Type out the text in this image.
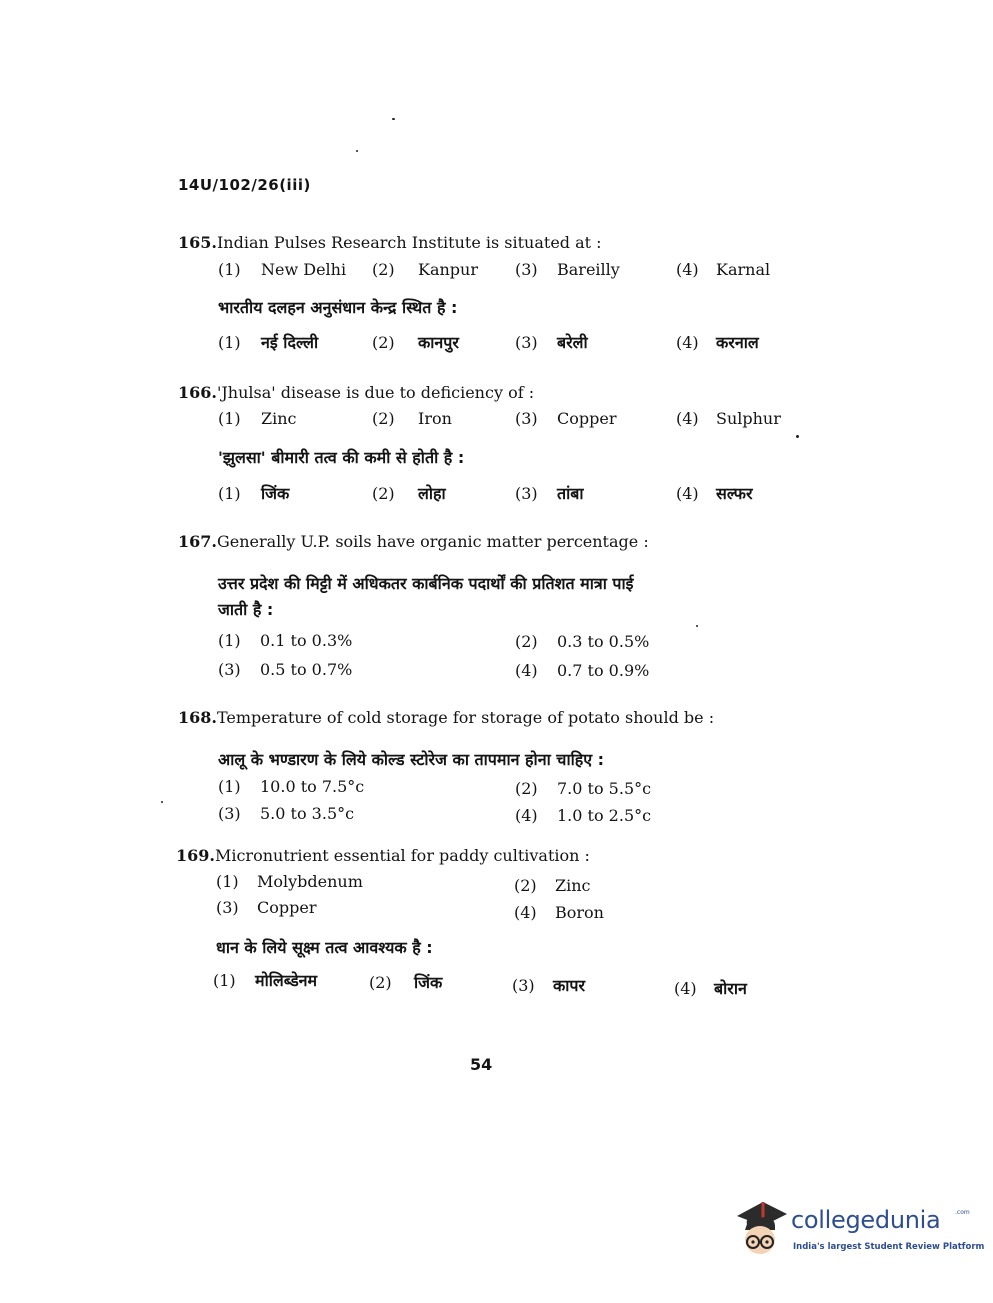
14U/102/26(iii)
165.Indian Pulses Research Institute is situated at :
(1) New Delhi (2) Kanpur (3) Bareilly	(4) Karnal
भारतीय दलहन अनुसंधान केन्द्र स्थित है :
(1) नई दिल्ली	(2) कानपुर	(3) बरेली	(4) करनाल
166.'Jhulsa' disease is due to deficiency of :
(1) Zinc	(2) Iron	(3) Copper	(4) Sulphur
'झुलसा' बीमारी तत्व की कमी से होती है :
(1) जिंक	(2) लोहा	(3) तांबा	(4) सल्फर
167.Generally U.P. soils have organic matter percentage :
उत्तर प्रदेश की मिट्टी में अधिकतर कार्बनिक पदार्थों की प्रतिशत मात्रा पाई
जाती है :
(1) 0.1 to 0.3%	(2) 0.3 to 0.5%
(3) 0.5 to 0.7%	(4) 0.7 to 0.9%
168.Temperature of cold storage for storage of potato should be :
आलू के भण्डारण के लिये कोल्ड स्टोरेज का तापमान होना चाहिए :
(1) 10.0 to 7.5°c	(2) 7.0 to 5.5°c
(3) 5.0 to 3.5°c	(4) 1.0 to 2.5°c
169.Micronutrient essential for paddy cultivation :
(1) Molybdenum	(2) Zinc
(3) Copper	(4) Boron
धान के लिये सूक्ष्म तत्व आवश्यक है :
(1) मोलिब्डेनम	(2) जिंक	(3) कापर	(4) बोरान
54
collegedunia .com
India's largest Student Review Platform
